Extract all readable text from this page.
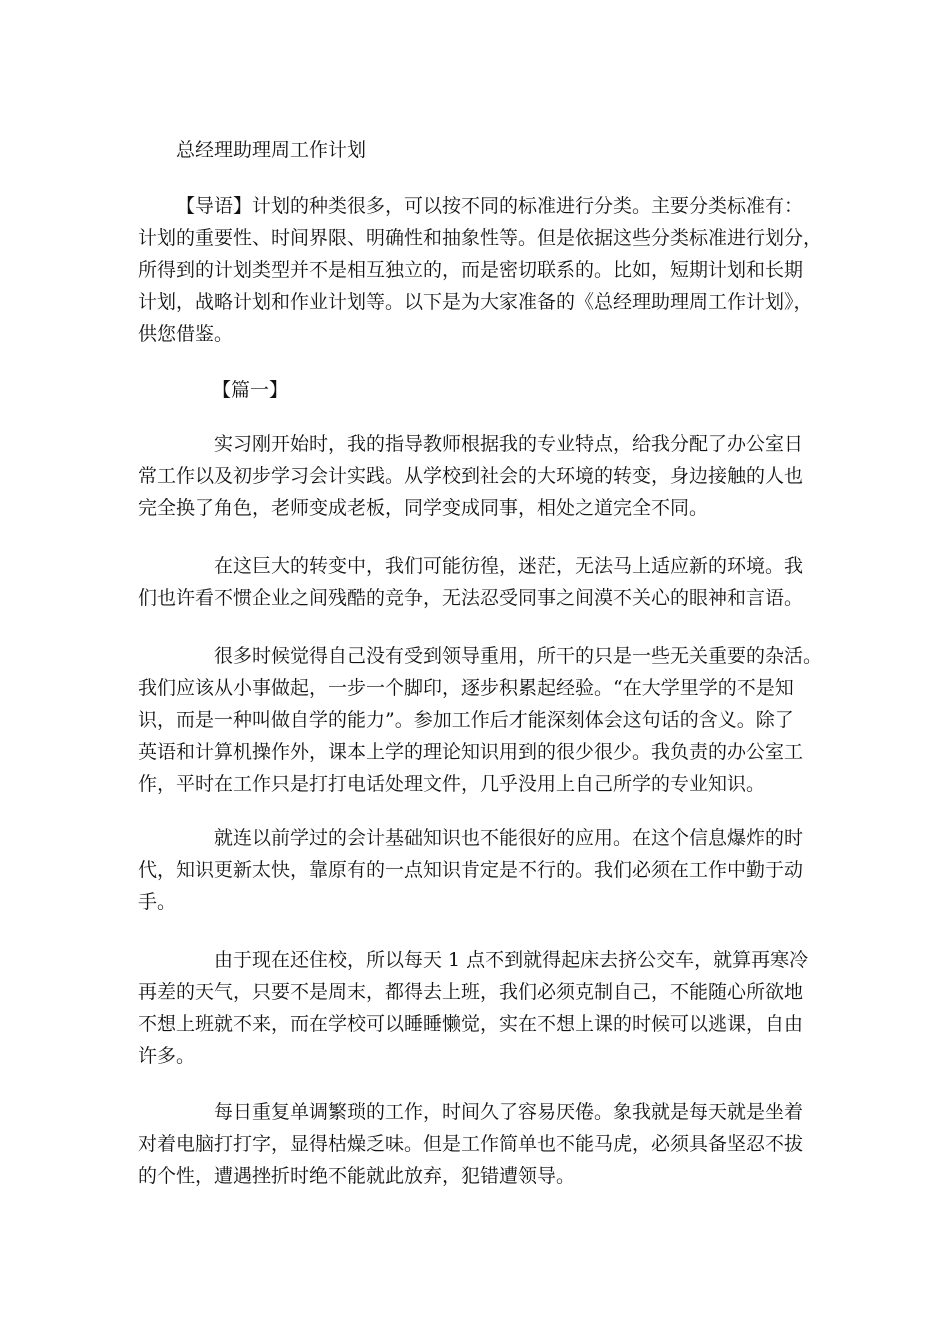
总经理助理周工作计划
【导语】计划的种类很多，可以按不同的标准进行分类。主要分类标准有：
计划的重要性、时间界限、明确性和抽象性等。但是依据这些分类标准进行划分，
所得到的计划类型并不是相互独立的，而是密切联系的。比如，短期计划和长期
计划，战略计划和作业计划等。以下是为大家准备的《总经理助理周工作计划》，
供您借鉴。
【篇一】
实习刚开始时，我的指导教师根据我的专业特点，给我分配了办公室日
常工作以及初步学习会计实践。从学校到社会的大环境的转变，身边接触的人也
完全换了角色，老师变成老板，同学变成同事，相处之道完全不同。
在这巨大的转变中，我们可能彷徨，迷茫，无法马上适应新的环境。我
们也许看不惯企业之间残酷的竞争，无法忍受同事之间漠不关心的眼神和言语。
很多时候觉得自己没有受到领导重用，所干的只是一些无关重要的杂活。
我们应该从小事做起，一步一个脚印，逐步积累起经验。“在大学里学的不是知
识，而是一种叫做自学的能力”。参加工作后才能深刻体会这句话的含义。除了
英语和计算机操作外，课本上学的理论知识用到的很少很少。我负责的办公室工
作，平时在工作只是打打电话处理文件，几乎没用上自己所学的专业知识。
就连以前学过的会计基础知识也不能很好的应用。在这个信息爆炸的时
代，知识更新太快，靠原有的一点知识肯定是不行的。我们必须在工作中勤于动
手。
由于现在还住校，所以每天 1 点不到就得起床去挤公交车，就算再寒冷
再差的天气，只要不是周末，都得去上班，我们必须克制自己，不能随心所欲地
不想上班就不来，而在学校可以睡睡懒觉，实在不想上课的时候可以逃课，自由
许多。
每日重复单调繁琐的工作，时间久了容易厌倦。象我就是每天就是坐着
对着电脑打打字，显得枯燥乏味。但是工作简单也不能马虎，必须具备坚忍不拔
的个性，遭遇挫折时绝不能就此放弃，犯错遭领导。
